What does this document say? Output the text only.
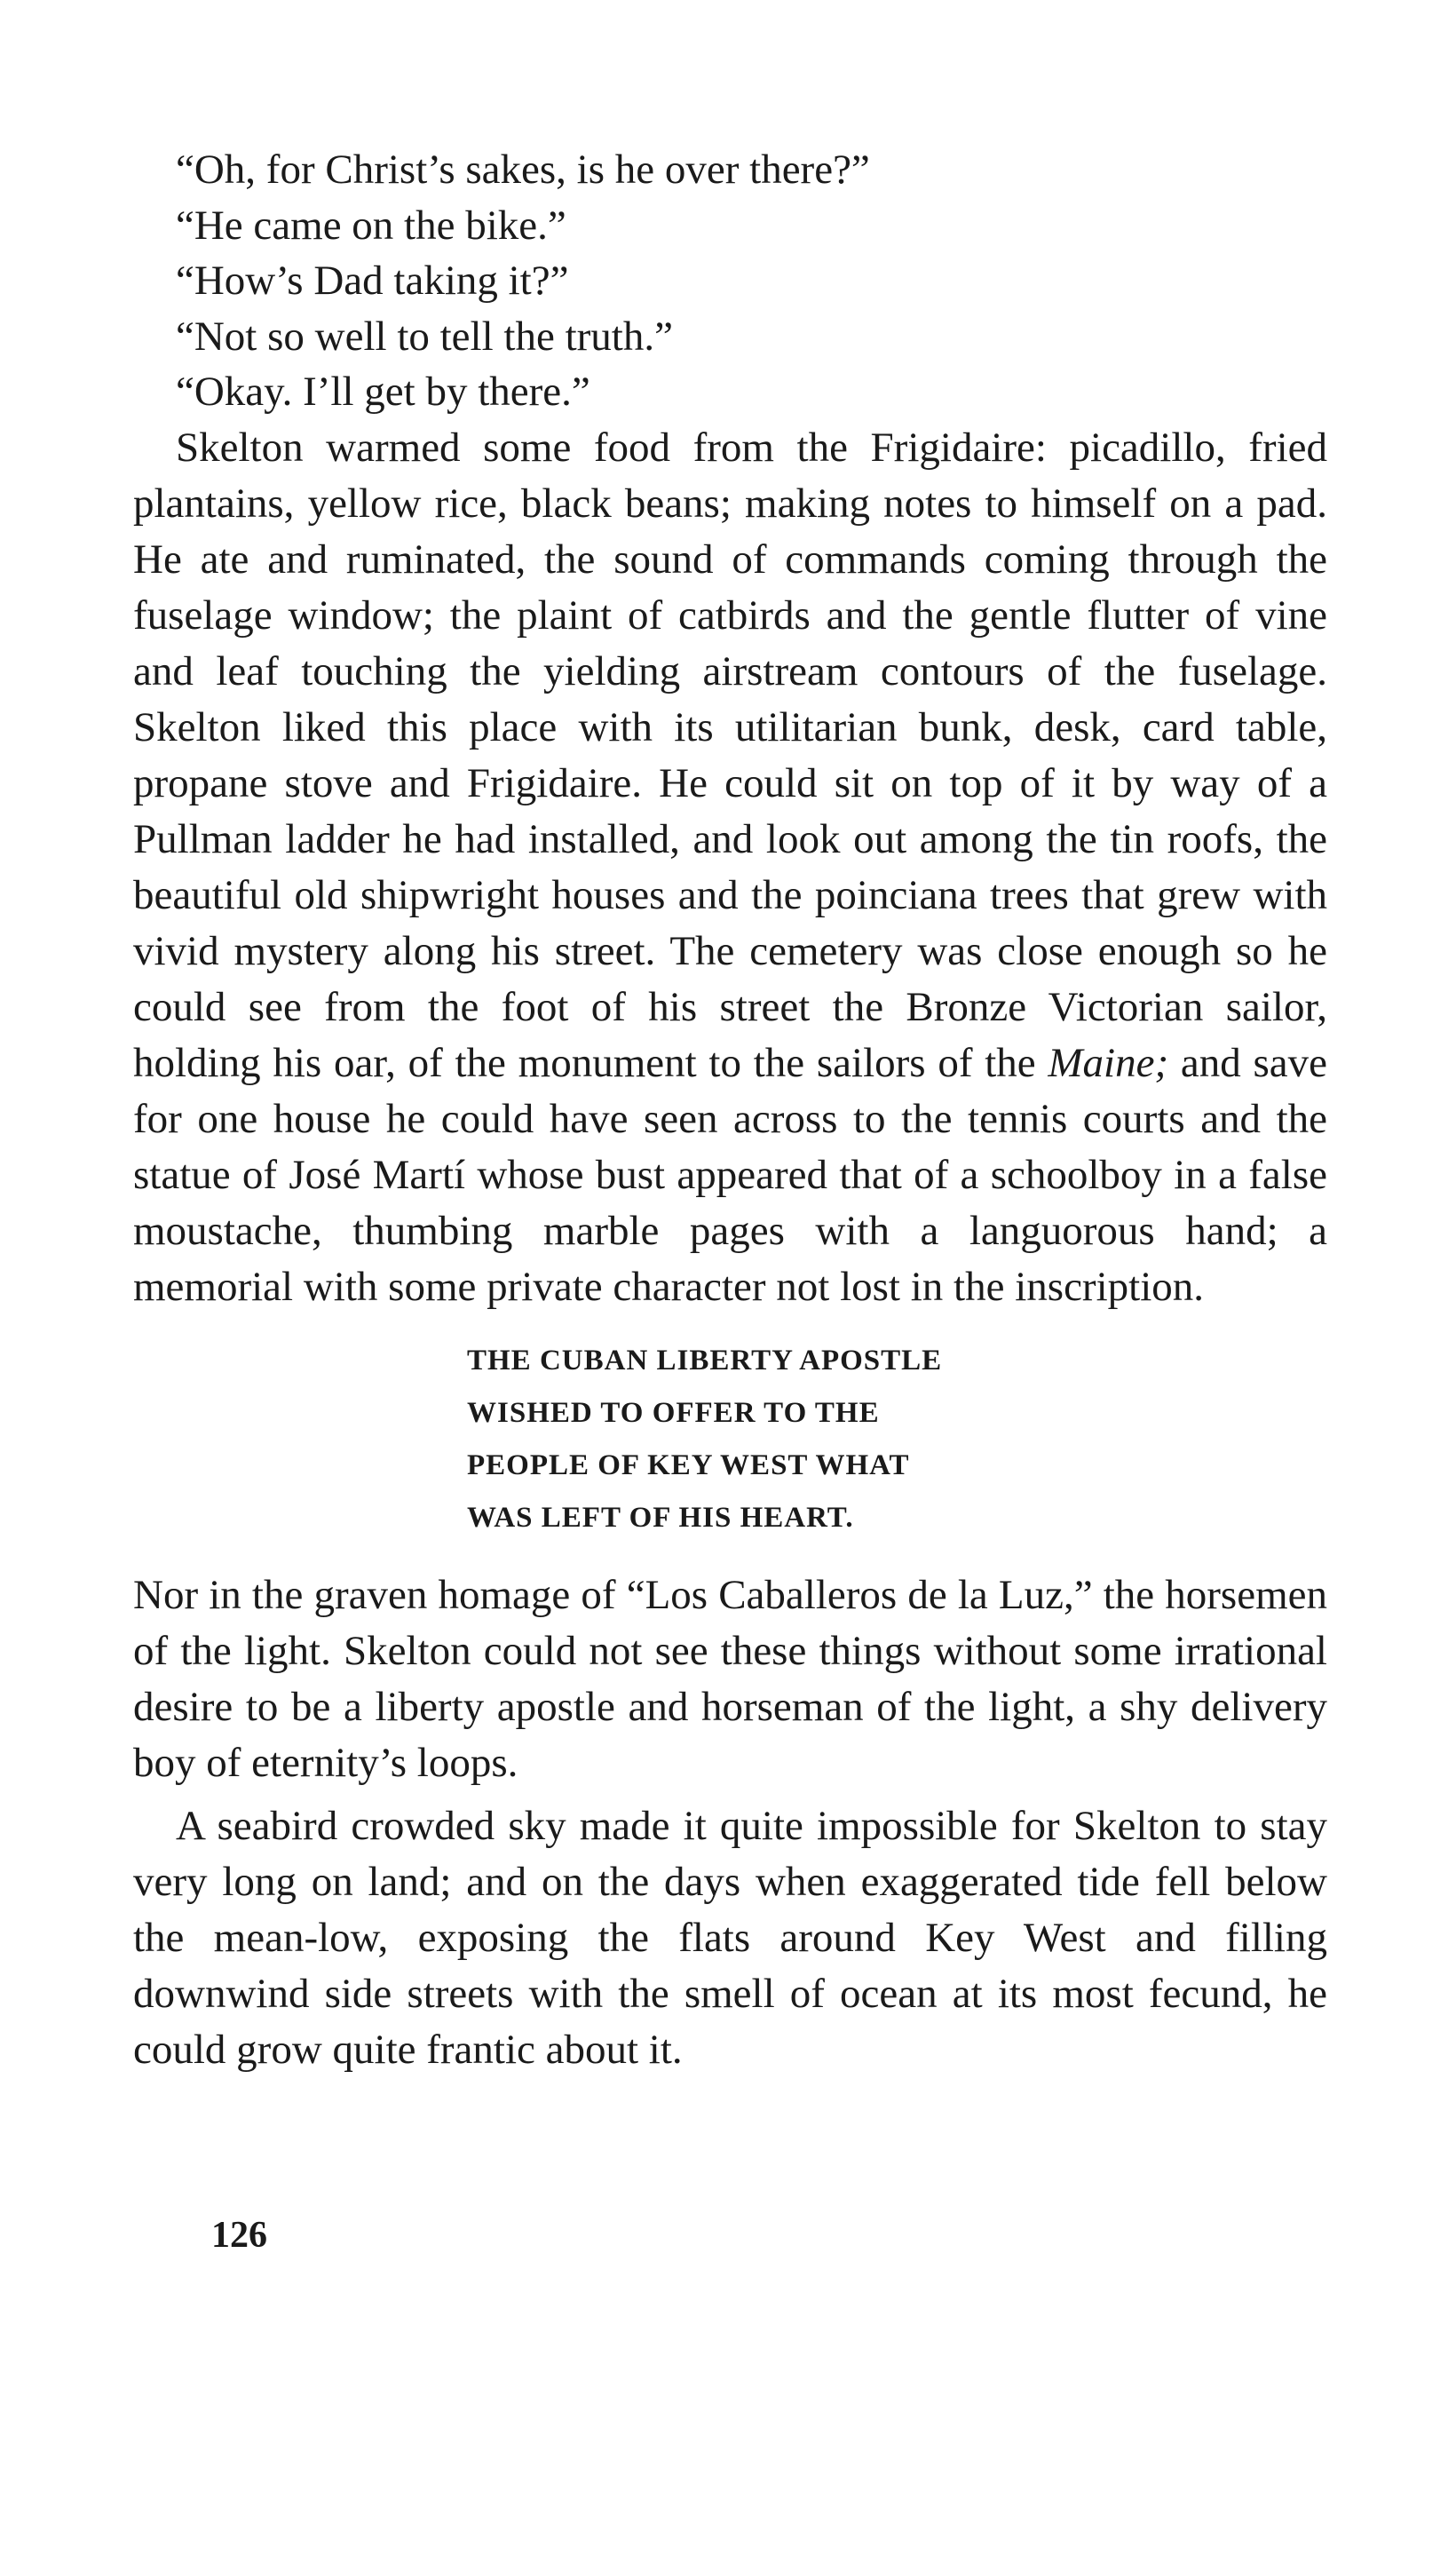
“Oh, for Christ’s sakes, is he over there?”

“He came on the bike.”

“How’s Dad taking it?”

“Not so well to tell the truth.”

“Okay. I’ll get by there.”

Skelton warmed some food from the Frigidaire: picadillo, fried plantains, yellow rice, black beans; making notes to himself on a pad. He ate and ruminated, the sound of commands coming through the fuselage window; the plaint of catbirds and the gentle flutter of vine and leaf touching the yielding airstream contours of the fuselage. Skelton liked this place with its utilitarian bunk, desk, card table, propane stove and Frigidaire. He could sit on top of it by way of a Pullman ladder he had installed, and look out among the tin roofs, the beautiful old shipwright houses and the poinciana trees that grew with vivid mystery along his street. The cemetery was close enough so he could see from the foot of his street the Bronze Victorian sailor, holding his oar, of the monument to the sailors of the Maine; and save for one house he could have seen across to the tennis courts and the statue of José Martí whose bust appeared that of a schoolboy in a false moustache, thumbing marble pages with a languorous hand; a memorial with some private character not lost in the inscription.

THE CUBAN LIBERTY APOSTLE
WISHED TO OFFER TO THE
PEOPLE OF KEY WEST WHAT
WAS LEFT OF HIS HEART.

Nor in the graven homage of “Los Caballeros de la Luz,” the horsemen of the light. Skelton could not see these things without some irrational desire to be a liberty apostle and horseman of the light, a shy delivery boy of eternity’s loops.

A seabird crowded sky made it quite impossible for Skelton to stay very long on land; and on the days when exaggerated tide fell below the mean-low, exposing the flats around Key West and filling downwind side streets with the smell of ocean at its most fecund, he could grow quite frantic about it.

126
